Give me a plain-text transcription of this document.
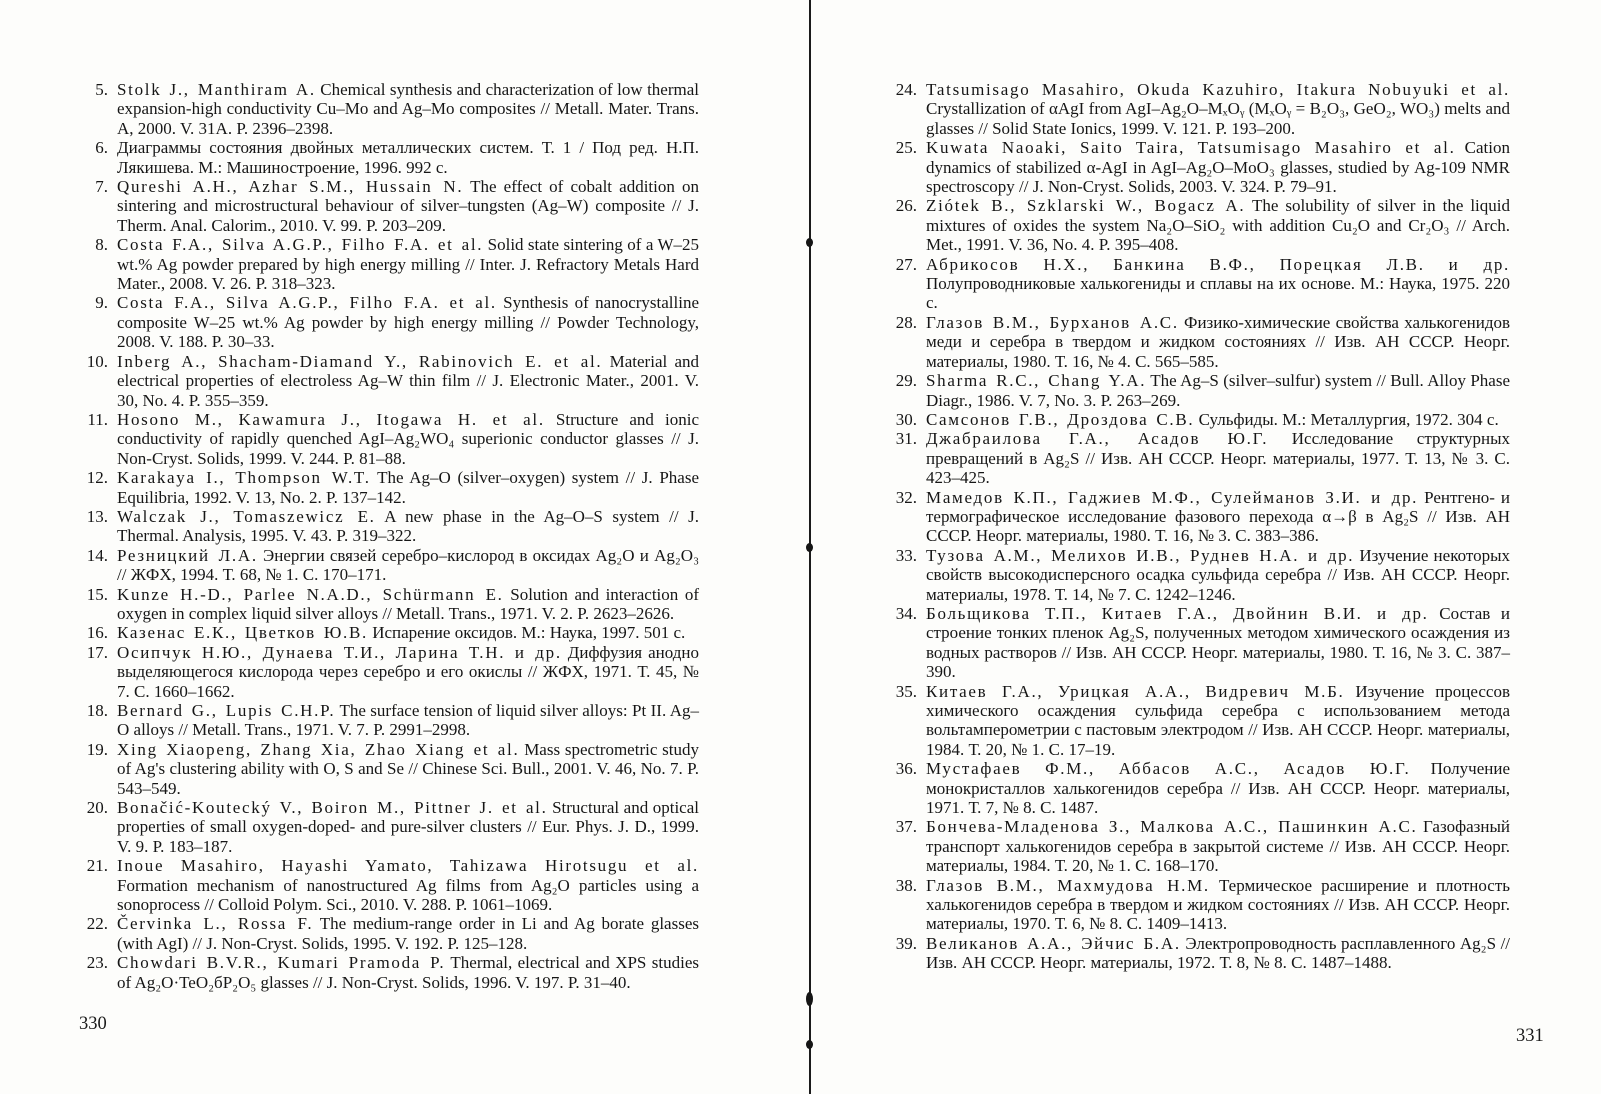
5. Stolk J., Manthiram A. Chemical synthesis and characterization of low thermal expansion-high conductivity Cu–Mo and Ag–Mo composites // Metall. Mater. Trans. A, 2000. V. 31A. P. 2396–2398.
6. Диаграммы состояния двойных металлических систем. Т. 1 / Под ред. Н.П. Лякишева. М.: Машиностроение, 1996. 992 с.
7. Qureshi A.H., Azhar S.M., Hussain N. The effect of cobalt addition on sintering and microstructural behaviour of silver–tungsten (Ag–W) composite // J. Therm. Anal. Calorim., 2010. V. 99. P. 203–209.
8. Costa F.A., Silva A.G.P., Filho F.A. et al. Solid state sintering of a W–25 wt.% Ag powder prepared by high energy milling // Inter. J. Refractory Metals Hard Mater., 2008. V. 26. P. 318–323.
9. Costa F.A., Silva A.G.P., Filho F.A. et al. Synthesis of nanocrystalline composite W–25 wt.% Ag powder by high energy milling // Powder Technology, 2008. V. 188. P. 30–33.
10. Inberg A., Shacham-Diamand Y., Rabinovich E. et al. Material and electrical properties of electroless Ag–W thin film // J. Electronic Mater., 2001. V. 30, No. 4. P. 355–359.
11. Hosono M., Kawamura J., Itogawa H. et al. Structure and ionic conductivity of rapidly quenched AgI–Ag₂WO₄ superionic conductor glasses // J. Non-Cryst. Solids, 1999. V. 244. P. 81–88.
12. Karakaya I., Thompson W.T. The Ag–O (silver–oxygen) system // J. Phase Equilibria, 1992. V. 13, No. 2. P. 137–142.
13. Walczak J., Tomaszewicz E. A new phase in the Ag–O–S system // J. Thermal. Analysis, 1995. V. 43. P. 319–322.
14. Резницкий Л.А. Энергии связей серебро–кислород в оксидах Ag₂O и Ag₂O₃ // ЖФХ, 1994. Т. 68, № 1. С. 170–171.
15. Kunze H.-D., Parlee N.A.D., Schürmann E. Solution and interaction of oxygen in complex liquid silver alloys // Metall. Trans., 1971. V. 2. P. 2623–2626.
16. Казенас Е.К., Цветков Ю.В. Испарение оксидов. М.: Наука, 1997. 501 с.
17. Осипчук Н.Ю., Дунаева Т.И., Ларина Т.Н. и др. Диффузия анодно выделяющегося кислорода через серебро и его окислы // ЖФХ, 1971. Т. 45, № 7. С. 1660–1662.
18. Bernard G., Lupis C.H.P. The surface tension of liquid silver alloys: Pt II. Ag–O alloys // Metall. Trans., 1971. V. 7. P. 2991–2998.
19. Xing Xiaopeng, Zhang Xia, Zhao Xiang et al. Mass spectrometric study of Ag's clustering ability with O, S and Se // Chinese Sci. Bull., 2001. V. 46, No. 7. P. 543–549.
20. Bonačić-Koutecký V., Boiron M., Pittner J. et al. Structural and optical properties of small oxygen-doped- and pure-silver clusters // Eur. Phys. J. D., 1999. V. 9. P. 183–187.
21. Inoue Masahiro, Hayashi Yamato, Tahizawa Hirotsugu et al. Formation mechanism of nanostructured Ag films from Ag₂O particles using a sonoprocess // Colloid Polym. Sci., 2010. V. 288. P. 1061–1069.
22. Červinka L., Rossa F. The medium-range order in Li and Ag borate glasses (with AgI) // J. Non-Cryst. Solids, 1995. V. 192. P. 125–128.
23. Chowdari B.V.R., Kumari Pramoda P. Thermal, electrical and XPS studies of Ag₂O·TeO₂бP₂O₅ glasses // J. Non-Cryst. Solids, 1996. V. 197. P. 31–40.
24. Tatsumisago Masahiro, Okuda Kazuhiro, Itakura Nobuyuki et al. Crystallization of αAgI from AgI–Ag₂O–MₓOᵧ (MₓOᵧ = B₂O₃, GeO₂, WO₃) melts and glasses // Solid State Ionics, 1999. V. 121. P. 193–200.
25. Kuwata Naoaki, Saito Taira, Tatsumisago Masahiro et al. Cation dynamics of stabilized α-AgI in AgI–Ag₂O–MoO₃ glasses, studied by Ag-109 NMR spectroscopy // J. Non-Cryst. Solids, 2003. V. 324. P. 79–91.
26. Ziótek B., Szklarski W., Bogacz A. The solubility of silver in the liquid mixtures of oxides the system Na₂O–SiO₂ with addition Cu₂O and Cr₂O₃ // Arch. Met., 1991. V. 36, No. 4. P. 395–408.
27. Абрикосов Н.Х., Банкина В.Ф., Порецкая Л.В. и др. Полупроводниковые халькогениды и сплавы на их основе. М.: Наука, 1975. 220 с.
28. Глазов В.М., Бурханов А.С. Физико-химические свойства халькогенидов меди и серебра в твердом и жидком состояниях // Изв. АН СССР. Неорг. материалы, 1980. Т. 16, № 4. С. 565–585.
29. Sharma R.C., Chang Y.A. The Ag–S (silver–sulfur) system // Bull. Alloy Phase Diagr., 1986. V. 7, No. 3. P. 263–269.
30. Самсонов Г.В., Дроздова С.В. Сульфиды. М.: Металлургия, 1972. 304 с.
31. Джабраилова Г.А., Асадов Ю.Г. Исследование структурных превращений в Ag₂S // Изв. АН СССР. Неорг. материалы, 1977. Т. 13, № 3. С. 423–425.
32. Мамедов К.П., Гаджиев М.Ф., Сулейманов З.И. и др. Рентгено- и термографическое исследование фазового перехода α→β в Ag₂S // Изв. АН СССР. Неорг. материалы, 1980. Т. 16, № 3. С. 383–386.
33. Тузова А.М., Мелихов И.В., Руднев Н.А. и др. Изучение некоторых свойств высокодисперсного осадка сульфида серебра // Изв. АН СССР. Неорг. материалы, 1978. Т. 14, № 7. С. 1242–1246.
34. Больщикова Т.П., Китаев Г.А., Двойнин В.И. и др. Состав и строение тонких пленок Ag₂S, полученных методом химического осаждения из водных растворов // Изв. АН СССР. Неорг. материалы, 1980. Т. 16, № 3. С. 387–390.
35. Китаев Г.А., Урицкая А.А., Видревич М.Б. Изучение процессов химического осаждения сульфида серебра с использованием метода вольтамперометрии с пастовым электродом // Изв. АН СССР. Неорг. материалы, 1984. Т. 20, № 1. С. 17–19.
36. Мустафаев Ф.М., Аббасов А.С., Асадов Ю.Г. Получение монокристаллов халькогенидов серебра // Изв. АН СССР. Неорг. материалы, 1971. Т. 7, № 8. С. 1487.
37. Бончева-Младенова З., Малкова А.С., Пашинкин А.С. Газофазный транспорт халькогенидов серебра в закрытой системе // Изв. АН СССР. Неорг. материалы, 1984. Т. 20, № 1. С. 168–170.
38. Глазов В.М., Махмудова Н.М. Термическое расширение и плотность халькогенидов серебра в твердом и жидком состояниях // Изв. АН СССР. Неорг. материалы, 1970. Т. 6, № 8. С. 1409–1413.
39. Великанов А.А., Эйчис Б.А. Электропроводность расплавленного Ag₂S // Изв. АН СССР. Неорг. материалы, 1972. Т. 8, № 8. С. 1487–1488.
330
331
